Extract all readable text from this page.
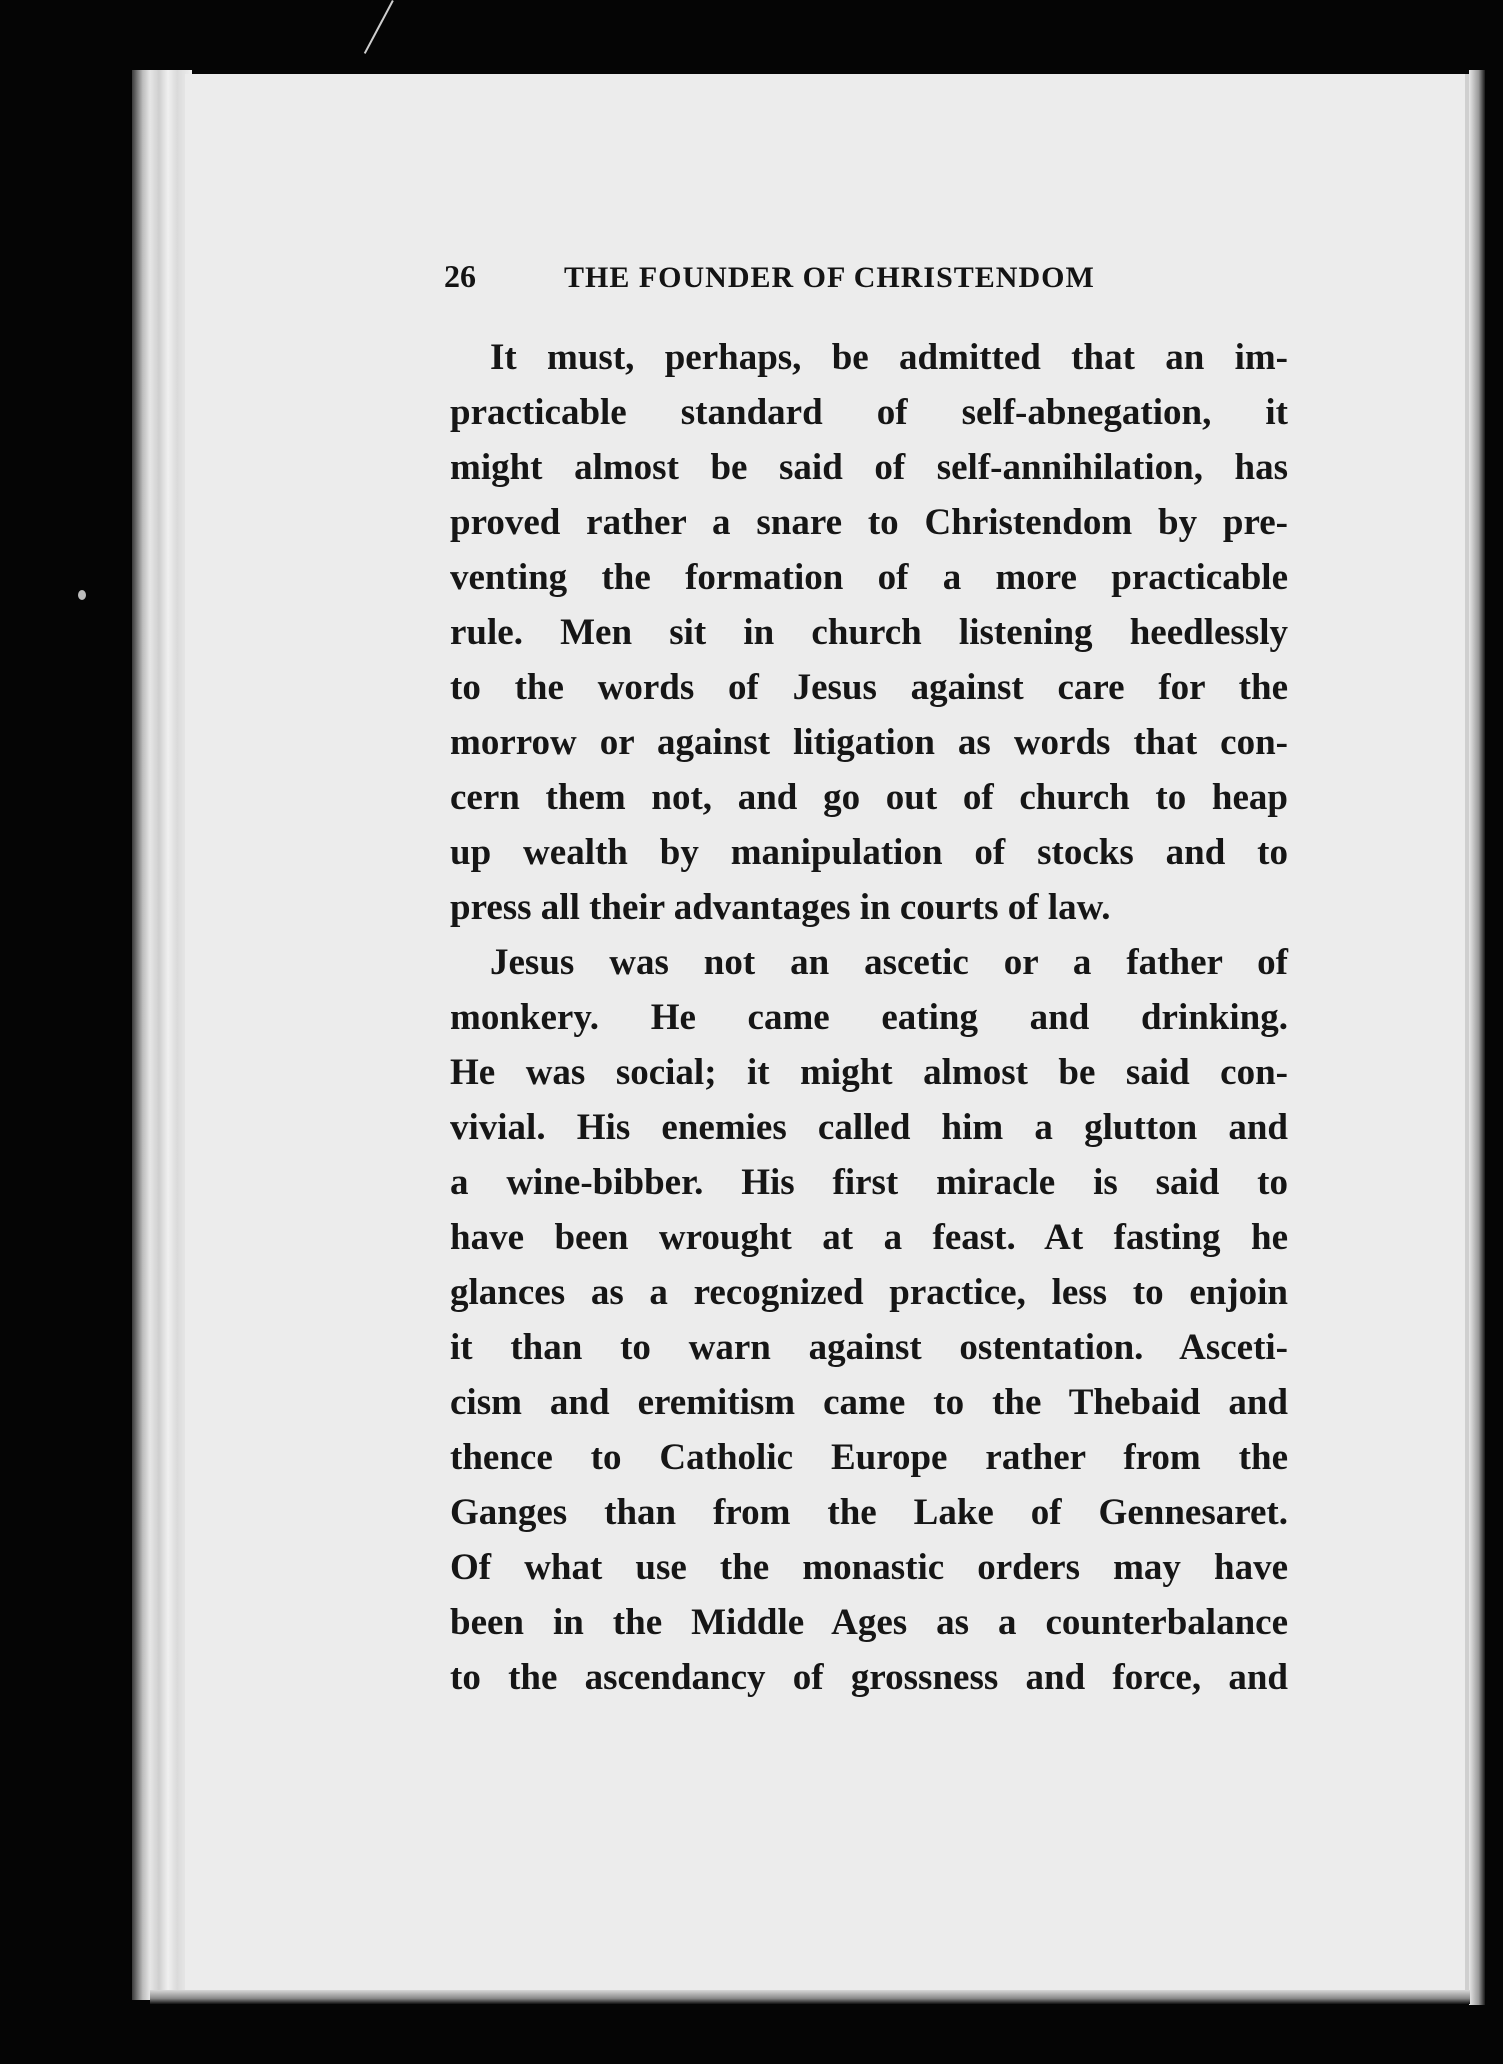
26	THE FOUNDER OF CHRISTENDOM
It must, perhaps, be admitted that an im-
practicable standard of self-abnegation, it
might almost be said of self-annihilation, has
proved rather a snare to Christendom by pre-
venting the formation of a more practicable
rule. Men sit in church listening heedlessly
to the words of Jesus against care for the
morrow or against litigation as words that con-
cern them not, and go out of church to heap
up wealth by manipulation of stocks and to
press all their advantages in courts of law.
Jesus was not an ascetic or a father of
monkery. He came eating and drinking.
He was social; it might almost be said con-
vivial. His enemies called him a glutton and
a wine-bibber. His first miracle is said to
have been wrought at a feast. At fasting he
glances as a recognized practice, less to enjoin
it than to warn against ostentation. Asceti-
cism and eremitism came to the Thebaid and
thence to Catholic Europe rather from the
Ganges than from the Lake of Gennesaret.
Of what use the monastic orders may have
been in the Middle Ages as a counterbalance
to the ascendancy of grossness and force, and
